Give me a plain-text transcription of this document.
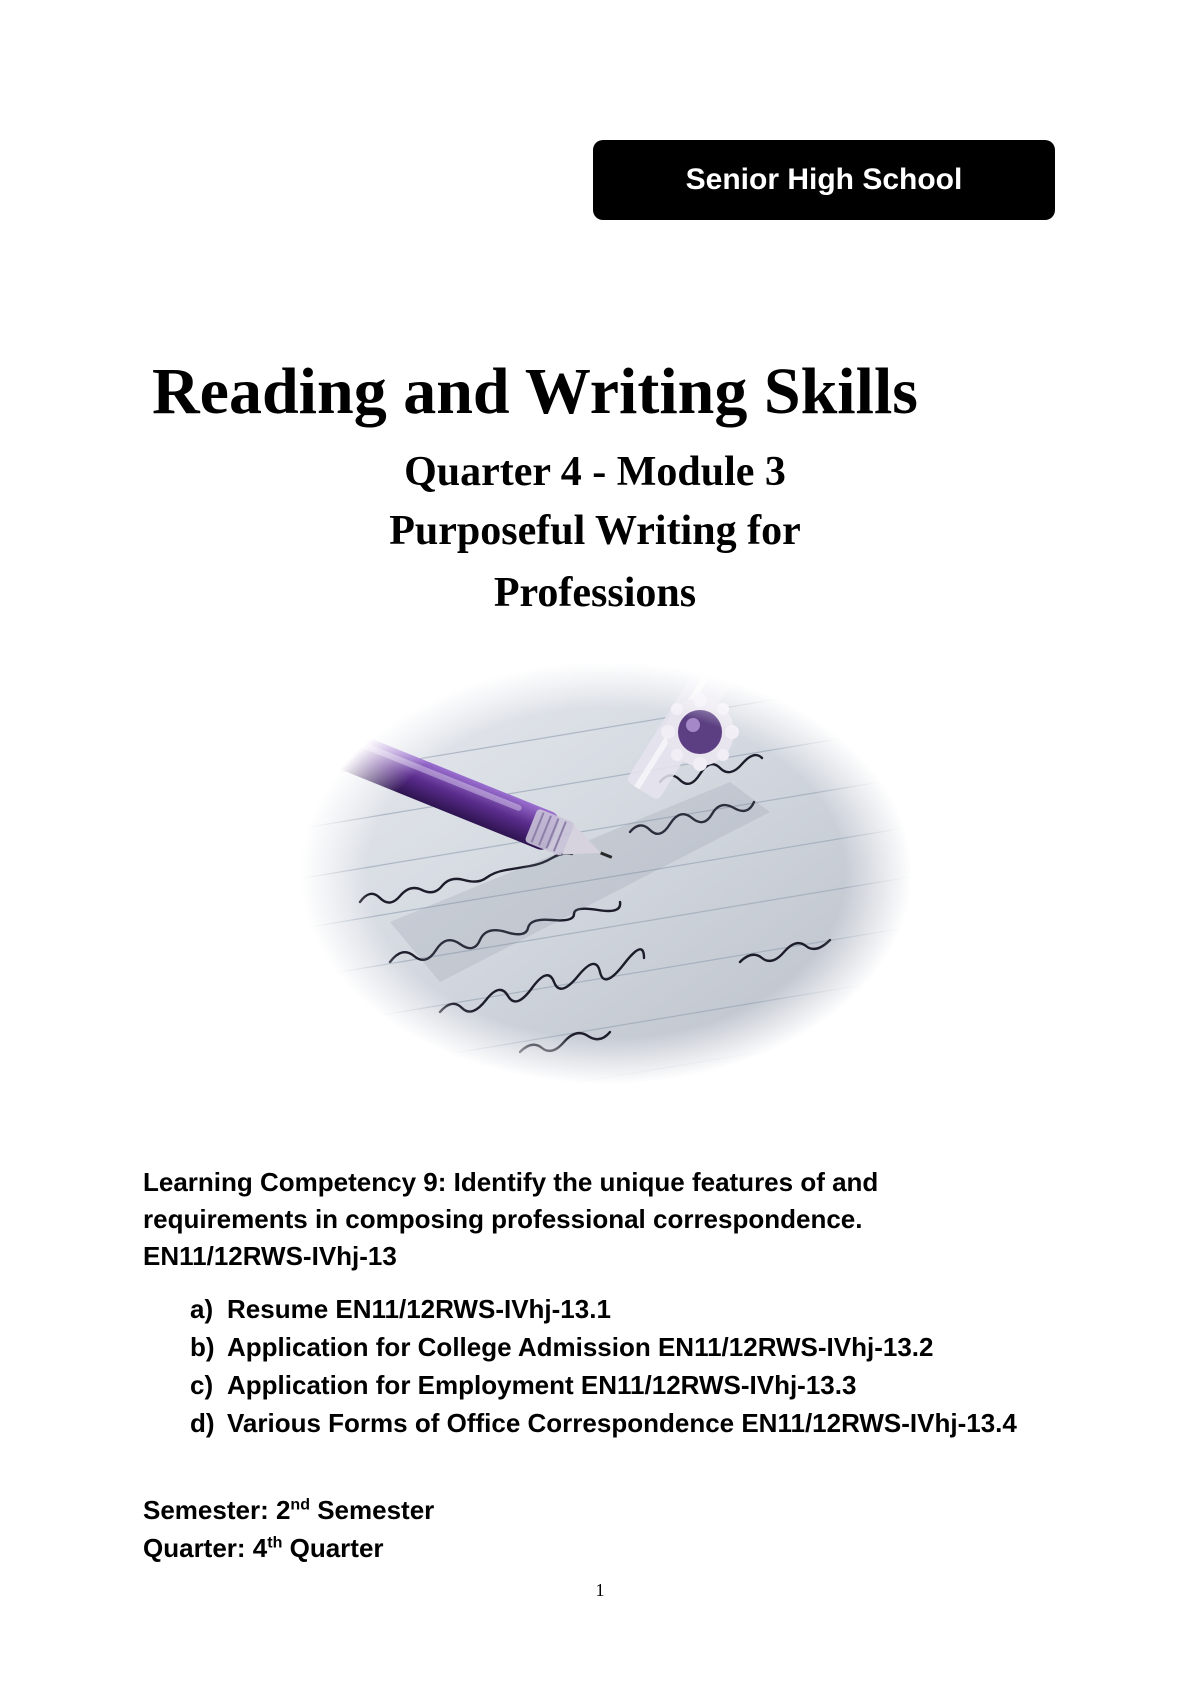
Senior High School
Reading and Writing Skills

Quarter 4 - Module 3

Purposeful Writing for

Professions

Learning Competency 9: Identify the unique features of and
requirements in composing professional correspondence.
EN11/12RWS-IVhj-13
a) Resume EN11/12RWS-IVhj-13.1
b) Application for College Admission EN11/12RWS-IVhj-13.2
c) Application for Employment EN11/12RWS-IVhj-13.3
d) Various Forms of Office Correspondence EN11/12RWS-IVhj-13.4

Semester: 2nd Semester

Quarter: 4th Quarter

1
